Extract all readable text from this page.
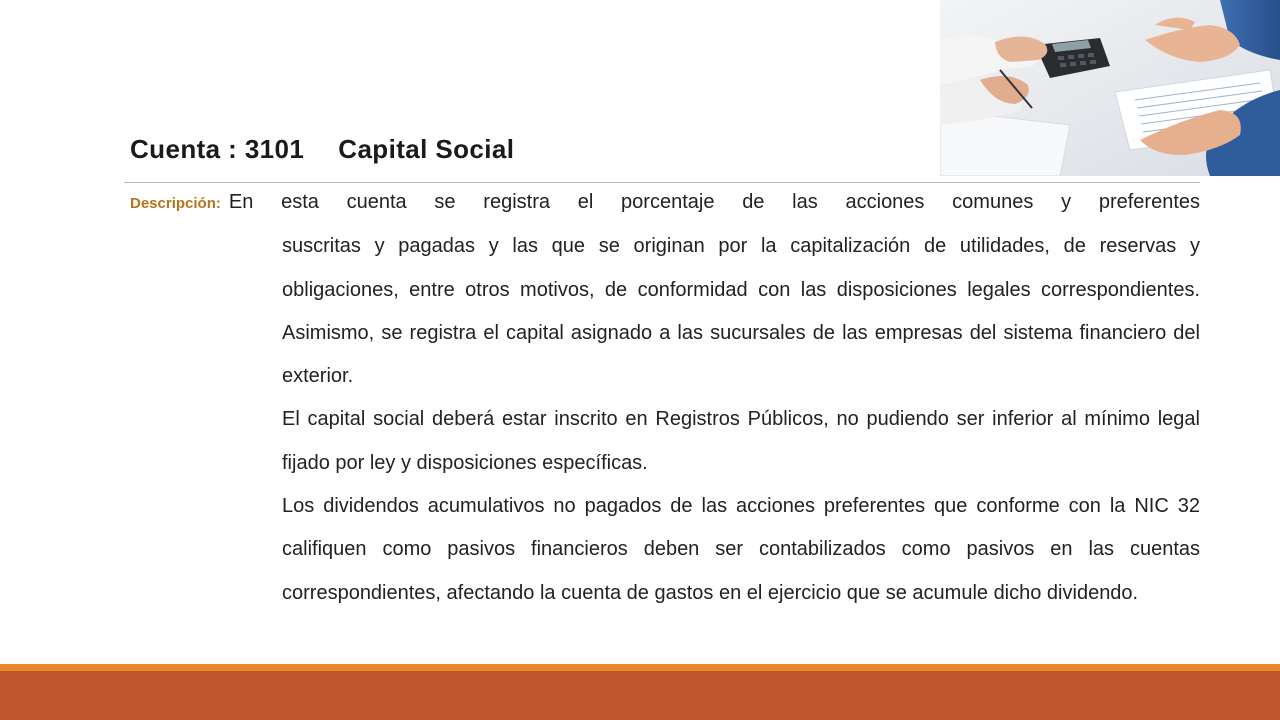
Cuenta : 3101 Capital Social
Descripción: En esta cuenta se registra el porcentaje de las acciones comunes y preferentes
suscritas y pagadas y las que se originan por la capitalización de utilidades, de reservas y obligaciones, entre otros motivos, de conformidad con las disposiciones legales correspondientes. Asimismo, se registra el capital asignado a las sucursales de las empresas del sistema financiero del exterior.

El capital social deberá estar inscrito en Registros Públicos, no pudiendo ser inferior al mínimo legal fijado por ley y disposiciones específicas.

Los dividendos acumulativos no pagados de las acciones preferentes que conforme con la NIC 32 califiquen como pasivos financieros deben ser contabilizados como pasivos en las cuentas correspondientes, afectando la cuenta de gastos en el ejercicio que se acumule dicho dividendo.
